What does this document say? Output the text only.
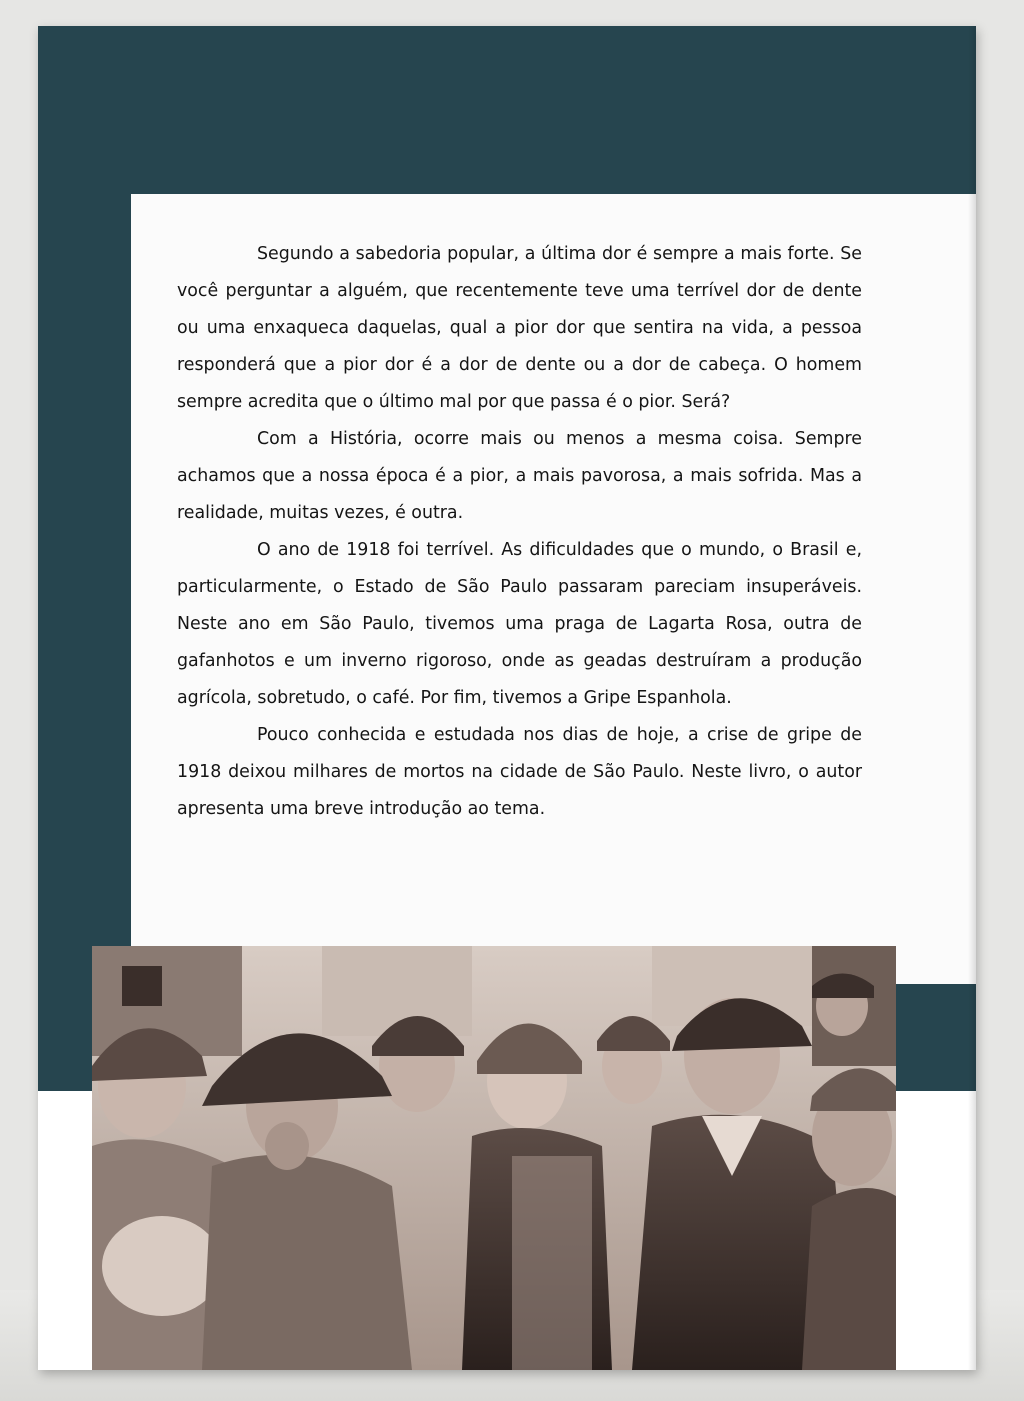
Segundo a sabedoria popular, a última dor é sempre a mais forte. Se você perguntar a alguém, que recentemente teve uma terrível dor de dente ou uma enxaqueca daquelas, qual a pior dor que sentira na vida, a pessoa responderá que a pior dor é a dor de dente ou a dor de cabeça. O homem sempre acredita que o último mal por que passa é o pior. Será?

Com a História, ocorre mais ou menos a mesma coisa. Sempre achamos que a nossa época é a pior, a mais pavorosa, a mais sofrida. Mas a realidade, muitas vezes, é outra.

O ano de 1918 foi terrível. As dificuldades que o mundo, o Brasil e, particularmente, o Estado de São Paulo passaram pareciam insuperáveis. Neste ano em São Paulo, tivemos uma praga de Lagarta Rosa, outra de gafanhotos e um inverno rigoroso, onde as geadas destruíram a produção agrícola, sobretudo, o café. Por fim, tivemos a Gripe Espanhola.

Pouco conhecida e estudada nos dias de hoje, a crise de gripe de 1918 deixou milhares de mortos na cidade de São Paulo. Neste livro, o autor apresenta uma breve introdução ao tema.
